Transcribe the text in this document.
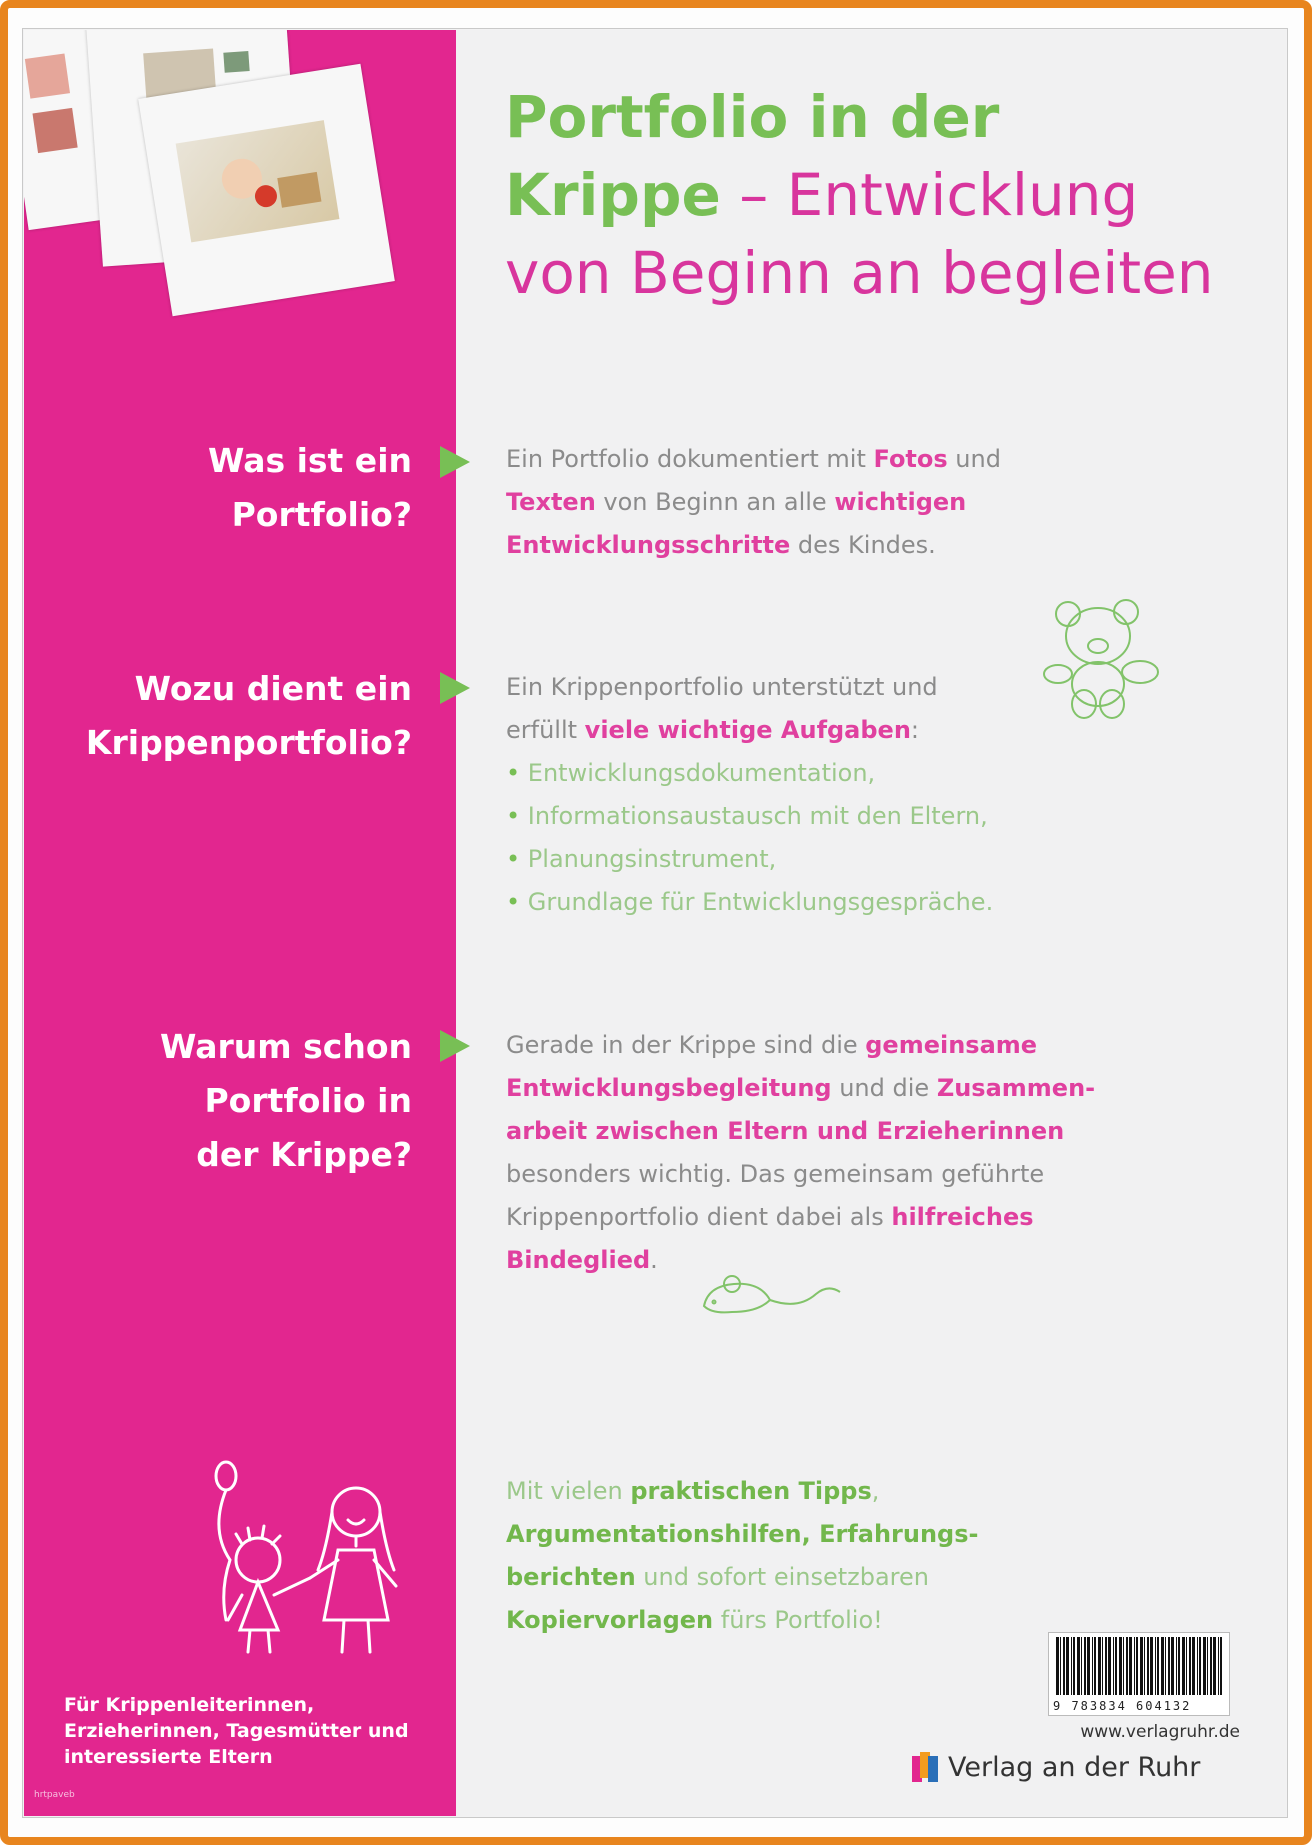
Portfolio in der
Krippe – Entwicklung
von Beginn an begleiten
Was ist ein
Portfolio?
Ein Portfolio dokumentiert mit Fotos und Texten von Beginn an alle wichtigen Entwicklungsschritte des Kindes.
Wozu dient ein
Krippenportfolio?
Ein Krippenportfolio unterstützt und erfüllt viele wichtige Aufgaben:
• Entwicklungsdokumentation,
• Informationsaustausch mit den Eltern,
• Planungsinstrument,
• Grundlage für Entwicklungsgespräche.
Warum schon
Portfolio in
der Krippe?
Gerade in der Krippe sind die gemeinsame Entwicklungsbegleitung und die Zusammen-arbeit zwischen Eltern und Erzieherinnen besonders wichtig. Das gemeinsam geführte Krippenportfolio dient dabei als hilfreiches Bindeglied.
Mit vielen praktischen Tipps, Argumentationshilfen, Erfahrungs-berichten und sofort einsetzbaren Kopiervorlagen fürs Portfolio!
Für Krippenleiterinnen, Erzieherinnen, Tagesmütter und interessierte Eltern
9 783834 604132
www.verlagruhr.de
Verlag an der Ruhr
hrtpaveb
